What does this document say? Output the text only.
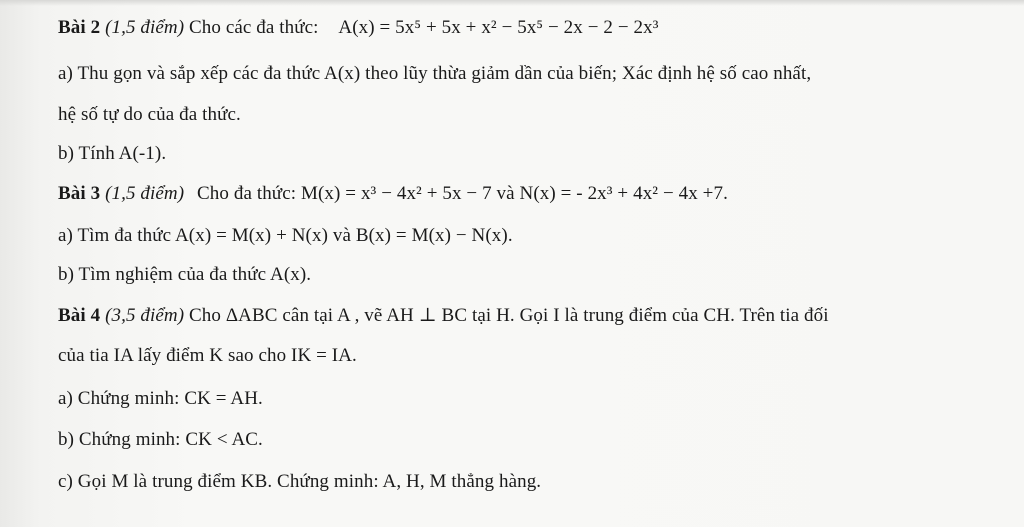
Bài 2 (1,5 điểm) Cho các đa thức: A(x) = 5x⁵ + 5x + x² − 5x⁵ − 2x − 2 − 2x³
a) Thu gọn và sắp xếp các đa thức A(x) theo lũy thừa giảm dần của biến; Xác định hệ số cao nhất,
hệ số tự do của đa thức.
b) Tính A(-1).
Bài 3 (1,5 điểm) Cho đa thức: M(x) = x³ − 4x² + 5x − 7 và N(x) = - 2x³ + 4x² − 4x +7.
a) Tìm đa thức A(x) = M(x) + N(x) và B(x) = M(x) − N(x).
b) Tìm nghiệm của đa thức A(x).
Bài 4 (3,5 điểm) Cho ΔABC cân tại A , vẽ AH ⊥ BC tại H. Gọi I là trung điểm của CH. Trên tia đối
của tia IA lấy điểm K sao cho IK = IA.
a) Chứng minh: CK = AH.
b) Chứng minh: CK < AC.
c) Gọi M là trung điểm KB. Chứng minh: A, H, M thẳng hàng.
